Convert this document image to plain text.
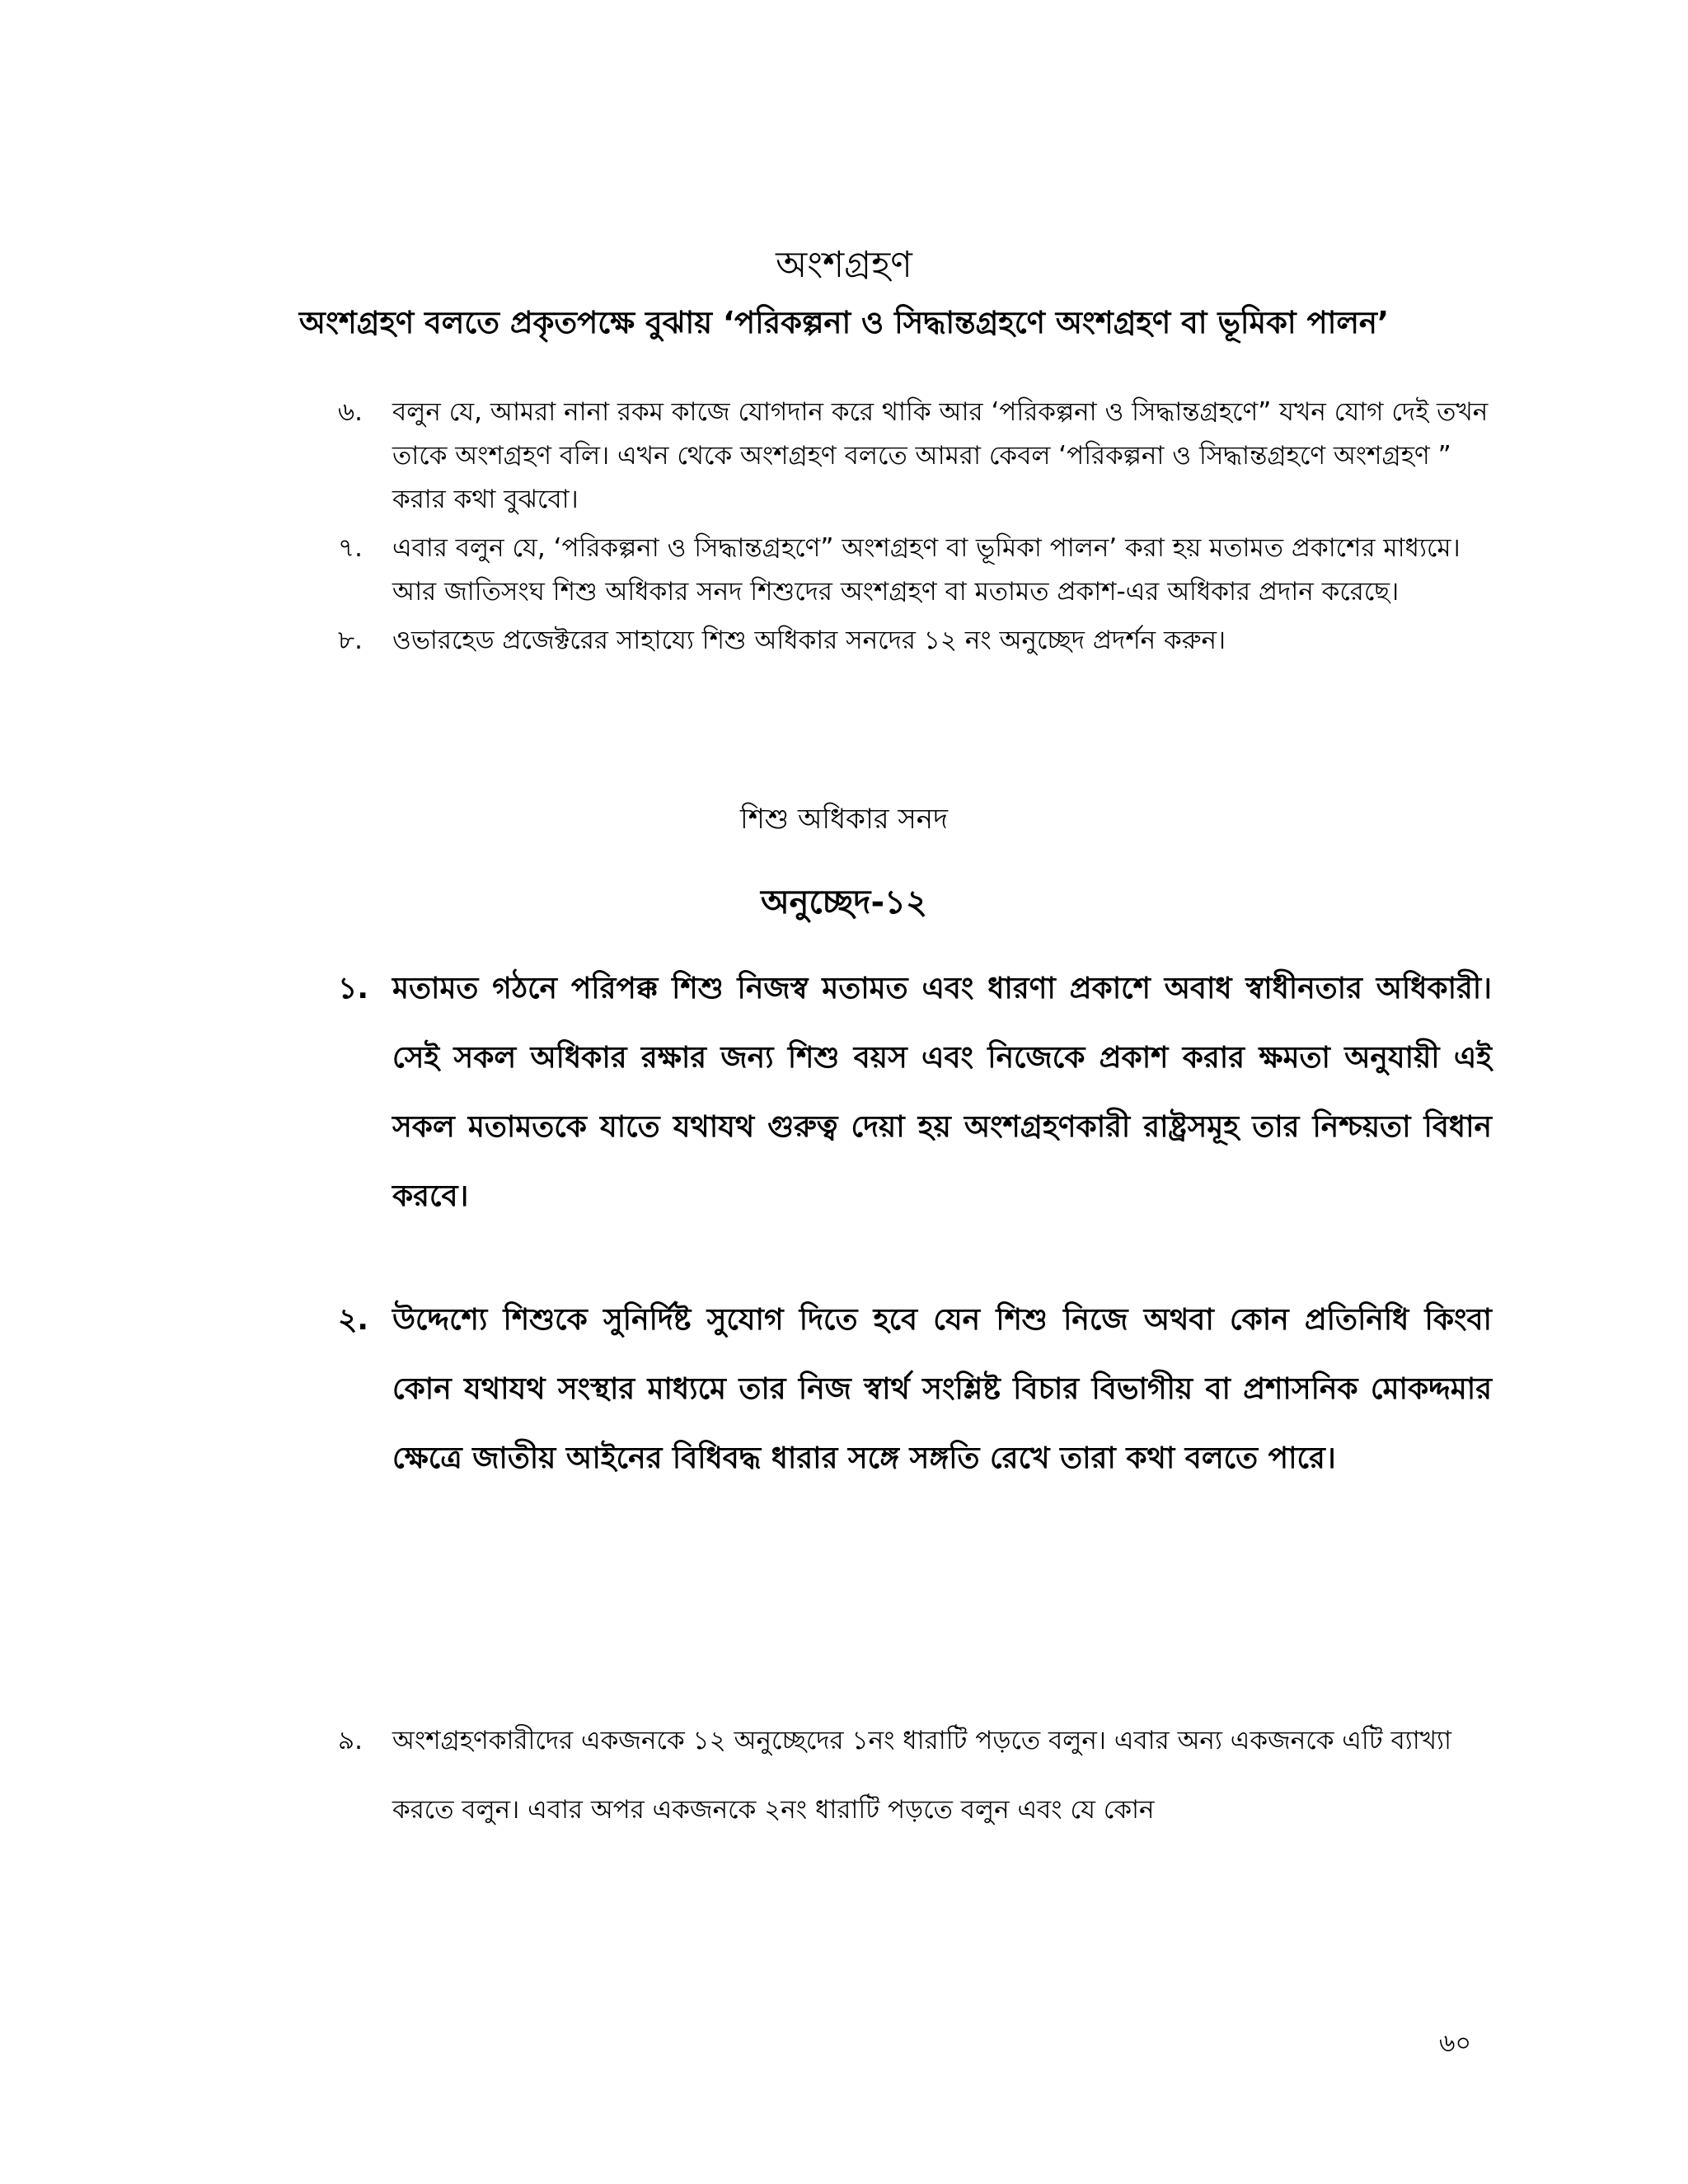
অংশগ্রহণ
অংশগ্রহণ বলতে প্রকৃতপক্ষে বুঝায় ‘পরিকল্পনা ও সিদ্ধান্তগ্রহণে অংশগ্রহণ বা ভূমিকা পালন’
৬. বলুন যে, আমরা নানা রকম কাজে যোগদান করে থাকি আর ‘পরিকল্পনা ও সিদ্ধান্তগ্রহণে” যখন যোগ দেই তখন তাকে অংশগ্রহণ বলি। এখন থেকে অংশগ্রহণ বলতে আমরা কেবল ‘পরিকল্পনা ও সিদ্ধান্তগ্রহণে অংশগ্রহণ ” করার কথা বুঝবো।
৭. এবার বলুন যে, ‘পরিকল্পনা ও সিদ্ধান্তগ্রহণে” অংশগ্রহণ বা ভূমিকা পালন’ করা হয় মতামত প্রকাশের মাধ্যমে। আর জাতিসংঘ শিশু অধিকার সনদ শিশুদের অংশগ্রহণ বা মতামত প্রকাশ-এর অধিকার প্রদান করেছে।
৮. ওভারহেড প্রজেক্টরের সাহায্যে শিশু অধিকার সনদের ১২ নং অনুচ্ছেদ প্রদর্শন করুন।
শিশু অধিকার সনদ
অনুচ্ছেদ-১২
১. মতামত গঠনে পরিপক্ক শিশু নিজস্ব মতামত এবং ধারণা প্রকাশে অবাধ স্বাধীনতার অধিকারী। সেই সকল অধিকার রক্ষার জন্য শিশু বয়স এবং নিজেকে প্রকাশ করার ক্ষমতা অনুযায়ী এই সকল মতামতকে যাতে যথাযথ গুরুত্ব দেয়া হয় অংশগ্রহণকারী রাষ্ট্রসমূহ তার নিশ্চয়তা বিধান করবে।
২. উদ্দেশ্যে শিশুকে সুনির্দিষ্ট সুযোগ দিতে হবে যেন শিশু নিজে অথবা কোন প্রতিনিধি কিংবা কোন যথাযথ সংস্থার মাধ্যমে তার নিজ স্বার্থ সংশ্লিষ্ট বিচার বিভাগীয় বা প্রশাসনিক মোকদ্দমার ক্ষেত্রে জাতীয় আইনের বিধিবদ্ধ ধারার সঙ্গে সঙ্গতি রেখে তারা কথা বলতে পারে।
৯. অংশগ্রহণকারীদের একজনকে ১২ অনুচ্ছেদের ১নং ধারাটি পড়তে বলুন। এবার অন্য একজনকে এটি ব্যাখ্যা করতে বলুন। এবার অপর একজনকে ২নং ধারাটি পড়তে বলুন এবং যে কোন
৬০
